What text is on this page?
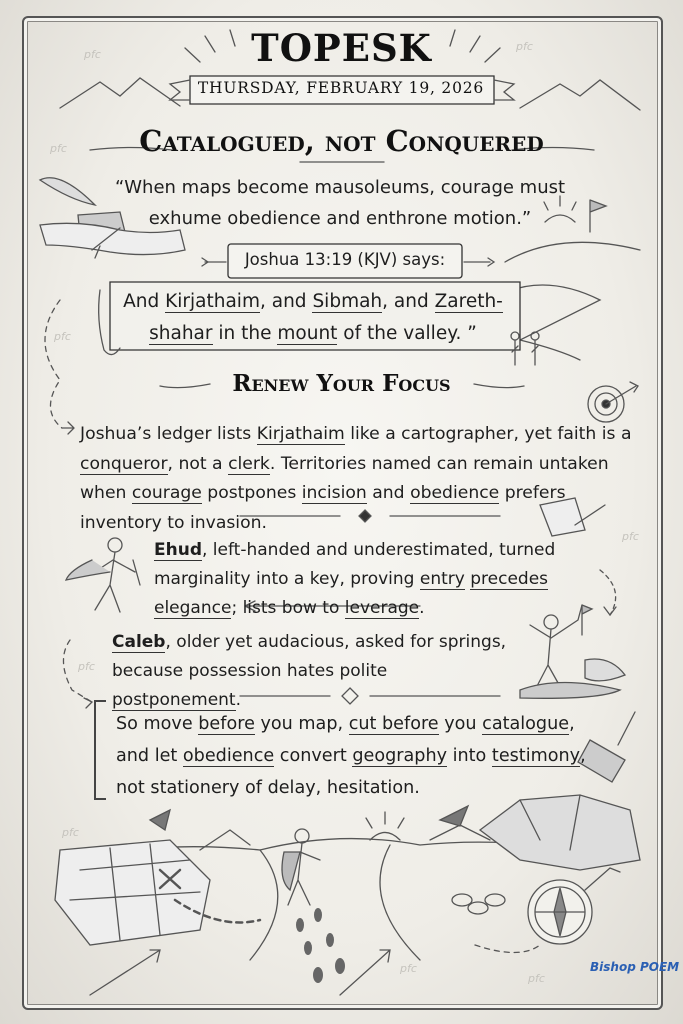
pfc
pfc
pfc
pfc
pfc
pfc
pfc
pfc
pfc
TOPESK
THURSDAY, FEBRUARY 19, 2026
Catalogued, not Conquered
“When maps become mausoleums, courage must exhume obedience and enthrone motion.”
Joshua 13:19 (KJV) says:
And Kirjathaim, and Sibmah, and Zareth-shahar in the mount of the valley. ”
Renew Your Focus
Joshua’s ledger lists Kirjathaim like a cartographer, yet faith is a conqueror, not a clerk. Territories named can remain untaken when courage postpones incision and obedience prefers inventory to invasion.
Ehud, left-handed and underestimated, turned marginality into a key, proving entry precedes elegance; lists bow to leverage.
Caleb, older yet audacious, asked for springs, because possession hates polite postponement.
So move before you map, cut before you catalogue, and let obedience convert geography into testimony, not stationery of delay, hesitation.
Bishop POEM
